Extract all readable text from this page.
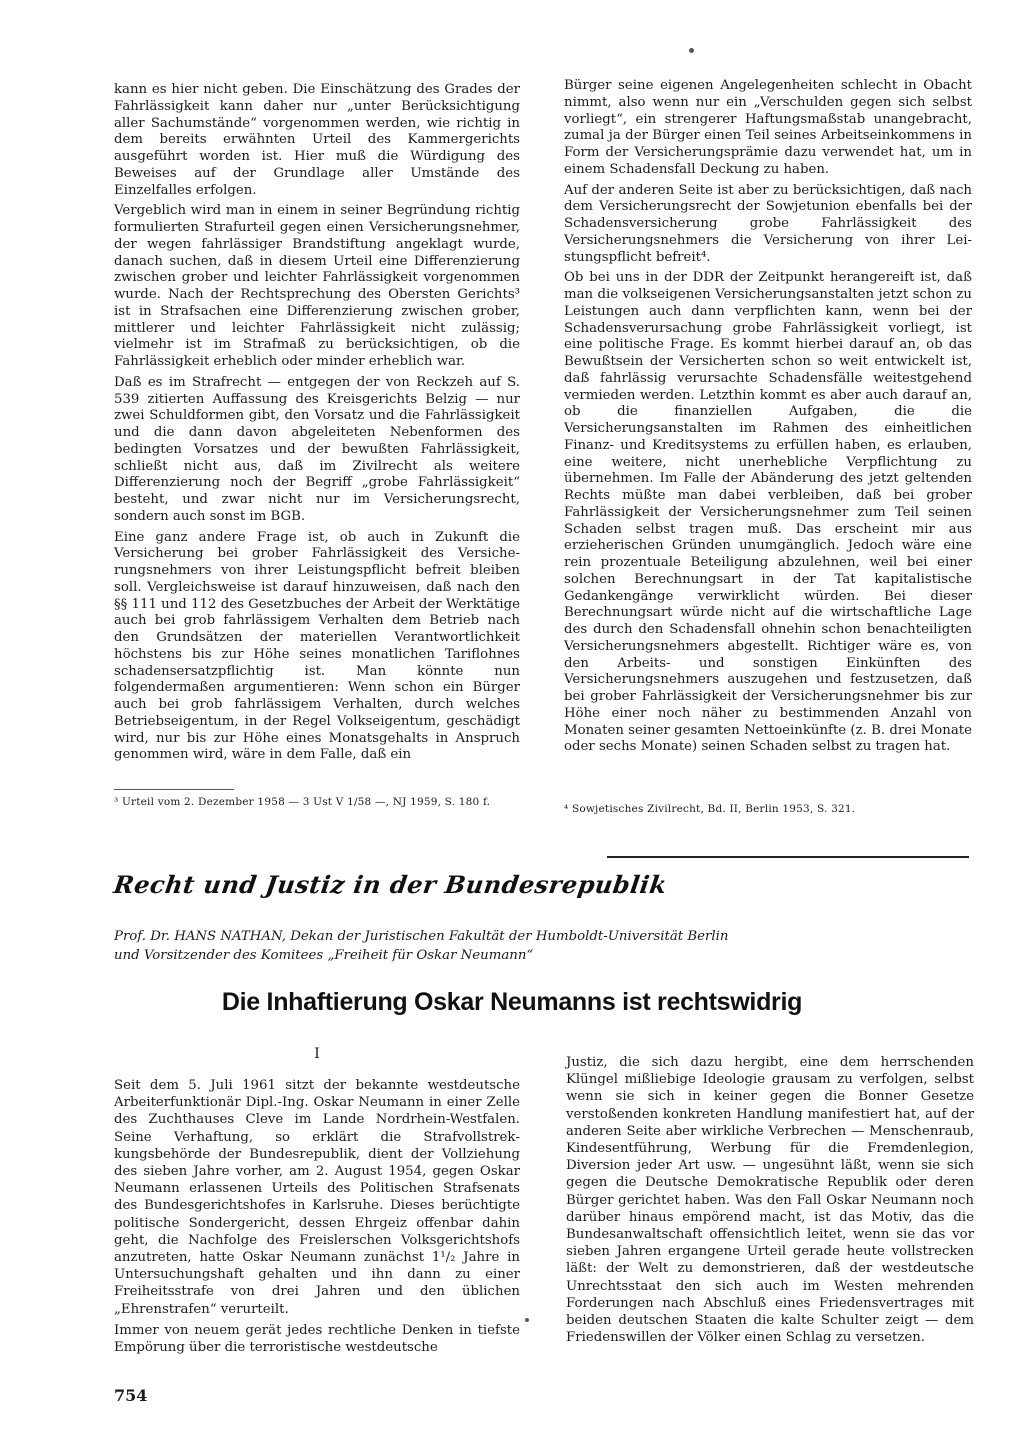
kann es hier nicht geben. Die Einschätzung des Grades der Fahrlässigkeit kann daher nur „unter Berücksichtigung aller Sachumstände“ vorgenommen werden, wie richtig in dem bereits erwähnten Urteil des Kammergerichts ausgeführt worden ist. Hier muß die Würdigung des Beweises auf der Grundlage aller Umstände des Einzelfalles erfolgen.

Vergeblich wird man in einem in seiner Begründung richtig formulierten Strafurteil gegen einen Versicherungsnehmer, der wegen fahrlässiger Brandstiftung angeklagt wurde, danach suchen, daß in diesem Urteil eine Differenzierung zwischen grober und leichter Fahrlässigkeit vorgenommen wurde. Nach der Rechtsprechung des Obersten Gerichts³ ist in Strafsachen eine Differenzierung zwischen grober, mittlerer und leichter Fahrlässigkeit nicht zulässig; vielmehr ist im Strafmaß zu berücksichtigen, ob die Fahrlässigkeit erheblich oder minder erheblich war.

Daß es im Strafrecht — entgegen der von Reckzeh auf S. 539 zitierten Auffassung des Kreisgerichts Belzig — nur zwei Schuldformen gibt, den Vorsatz und die Fahrlässigkeit und die dann davon abgeleiteten Nebenformen des bedingten Vorsatzes und der bewußten Fahrlässigkeit, schließt nicht aus, daß im Zivilrecht als weitere Differenzierung noch der Begriff „grobe Fahrlässigkeit“ besteht, und zwar nicht nur im Versicherungsrecht, sondern auch sonst im BGB.

Eine ganz andere Frage ist, ob auch in Zukunft die Versicherung bei grober Fahrlässigkeit des Versicherungsnehmers von ihrer Leistungspflicht befreit bleiben soll. Vergleichsweise ist darauf hinzuweisen, daß nach den §§ 111 und 112 des Gesetzbuches der Arbeit der Werktätige auch bei grob fahrlässigem Verhalten dem Betrieb nach den Grundsätzen der materiellen Verantwortlichkeit höchstens bis zur Höhe seines monatlichen Tariflohnes schadensersatzpflichtig ist. Man könnte nun folgendermaßen argumentieren: Wenn schon ein Bürger auch bei grob fahrlässigem Verhalten, durch welches Betriebseigentum, in der Regel Volkseigentum, geschädigt wird, nur bis zur Höhe eines Monatsgehalts in Anspruch genommen wird, wäre in dem Falle, daß ein

Bürger seine eigenen Angelegenheiten schlecht in Obacht nimmt, also wenn nur ein „Verschulden gegen sich selbst vorliegt“, ein strengerer Haftungsmaßstab unangebracht, zumal ja der Bürger einen Teil seines Arbeitseinkommens in Form der Versicherungsprämie dazu verwendet hat, um in einem Schadensfall Deckung zu haben.

Auf der anderen Seite ist aber zu berücksichtigen, daß nach dem Versicherungsrecht der Sowjetunion ebenfalls bei der Schadensversicherung grobe Fahrlässigkeit des Versicherungsnehmers die Versicherung von ihrer Leistungspflicht befreit⁴.

Ob bei uns in der DDR der Zeitpunkt herangereift ist, daß man die volkseigenen Versicherungsanstalten jetzt schon zu Leistungen auch dann verpflichten kann, wenn bei der Schadensverursachung grobe Fahrlässigkeit vorliegt, ist eine politische Frage. Es kommt hierbei darauf an, ob das Bewußtsein der Versicherten schon so weit entwickelt ist, daß fahrlässig verursachte Schadensfälle weitestgehend vermieden werden. Letzthin kommt es aber auch darauf an, ob die finanziellen Aufgaben, die die Versicherungsanstalten im Rahmen des einheitlichen Finanz- und Kreditsystems zu erfüllen haben, es erlauben, eine weitere, nicht unerhebliche Verpflichtung zu übernehmen. Im Falle der Abänderung des jetzt geltenden Rechts müßte man dabei verbleiben, daß bei grober Fahrlässigkeit der Versicherungsnehmer zum Teil seinen Schaden selbst tragen muß. Das erscheint mir aus erzieherischen Gründen unumgänglich. Jedoch wäre eine rein prozentuale Beteiligung abzulehnen, weil bei einer solchen Berechnungsart in der Tat kapitalistische Gedankengänge verwirklicht würden. Bei dieser Berechnungsart würde nicht auf die wirtschaftliche Lage des durch den Schadensfall ohnehin schon benachteiligten Versicherungsnehmers abgestellt. Richtiger wäre es, von den Arbeits- und sonstigen Einkünften des Versicherungsnehmers auszugehen und festzusetzen, daß bei grober Fahrlässigkeit der Versicherungsnehmer bis zur Höhe einer noch näher zu bestimmenden Anzahl von Monaten seiner gesamten Nettoeinkünfte (z. B. drei Monate oder sechs Monate) seinen Schaden selbst zu tragen hat.

³ Urteil vom 2. Dezember 1958 — 3 Ust V 1/58 —, NJ 1959, S. 180 f.
⁴ Sowjetisches Zivilrecht, Bd. II, Berlin 1953, S. 321.
Recht und Justiz in der Bundesrepublik
Prof. Dr. HANS NATHAN, Dekan der Juristischen Fakultät der Humboldt-Universität Berlin
und Vorsitzender des Komitees „Freiheit für Oskar Neumann“
Die Inhaftierung Oskar Neumanns ist rechtswidrig
I

Seit dem 5. Juli 1961 sitzt der bekannte westdeutsche Arbeiterfunktionär Dipl.-Ing. Oskar Neumann in einer Zelle des Zuchthauses Cleve im Lande Nordrhein-Westfalen. Seine Verhaftung, so erklärt die Strafvollstrekkungsbehörde der Bundesrepublik, dient der Vollziehung des sieben Jahre vorher, am 2. August 1954, gegen Oskar Neumann erlassenen Urteils des Politischen Strafsenats des Bundesgerichtshofes in Karlsruhe. Dieses berüchtigte politische Sondergericht, dessen Ehrgeiz offenbar dahin geht, die Nachfolge des Freislerschen Volksgerichtshofs anzutreten, hatte Oskar Neumann zunächst 1¹/₂ Jahre in Untersuchungshaft gehalten und ihn dann zu einer Freiheitsstrafe von drei Jahren und den üblichen „Ehrenstrafen“ verurteilt.

Immer von neuem gerät jedes rechtliche Denken in tiefste Empörung über die terroristische westdeutsche

Justiz, die sich dazu hergibt, eine dem herrschenden Klüngel mißliebige Ideologie grausam zu verfolgen, selbst wenn sie sich in keiner gegen die Bonner Gesetze verstoßenden konkreten Handlung manifestiert hat, auf der anderen Seite aber wirkliche Verbrechen — Menschenraub, Kindesentführung, Werbung für die Fremdenlegion, Diversion jeder Art usw. — ungesühnt läßt, wenn sie sich gegen die Deutsche Demokratische Republik oder deren Bürger gerichtet haben. Was den Fall Oskar Neumann noch darüber hinaus empörend macht, ist das Motiv, das die Bundesanwaltschaft offensichtlich leitet, wenn sie das vor sieben Jahren ergangene Urteil gerade heute vollstrecken läßt: der Welt zu demonstrieren, daß der westdeutsche Unrechtsstaat den sich auch im Westen mehrenden Forderungen nach Abschluß eines Friedensvertrages mit beiden deutschen Staaten die kalte Schulter zeigt — dem Friedenswillen der Völker einen Schlag zu versetzen.

754
